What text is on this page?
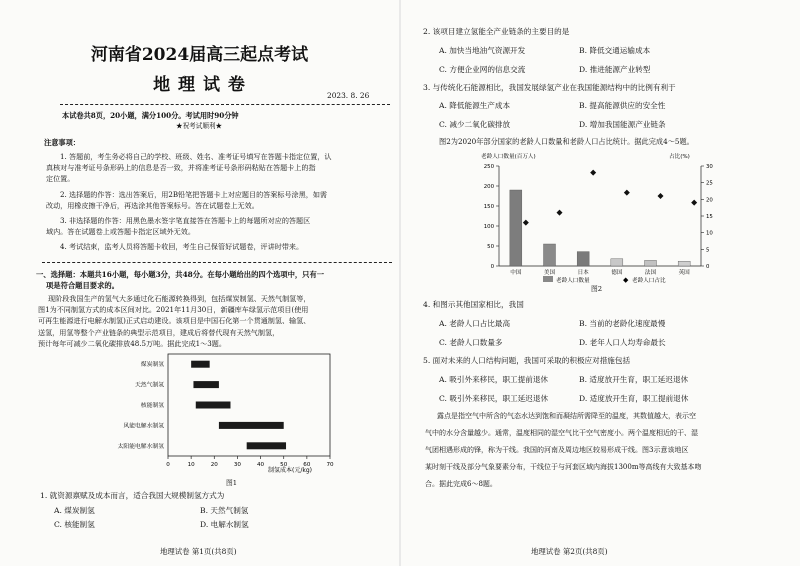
河南省2024届高三起点考试
地 理 试 卷
2023. 8. 26
本试卷共8页，20小题，满分100分。考试用时90分钟
★祝考试顺利★
注意事项：
1. 答题前，考生务必将自己的学校、班级、姓名、准考证号填写在答题卡指定位置，认
真核对与准考证号条形码上的信息是否一致，并将准考证号条形码粘贴在答题卡上的指
定位置。
2. 选择题的作答：选出答案后，用2B铅笔把答题卡上对应题目的答案标号涂黑，如需
改动，用橡皮擦干净后，再选涂其他答案标号。答在试题卷上无效。
3. 非选择题的作答：用黑色墨水签字笔直接答在答题卡上的每题所对应的答题区
域内。答在试题卷上或答题卡指定区域外无效。
4. 考试结束，监考人员将答题卡收回，考生自己保管好试题卷，评讲时带来。
一、选择题：本题共16小题，每小题3分，共48分。在每小题给出的四个选项中，只有一
项是符合题目要求的。
现阶段我国生产的氢气大多通过化石能源转换得到，包括煤炭制氢、天然气制氢等，
图1为不同制氢方式的成本区间对比。2021年11月30日，新疆库车绿氢示范项目(使用
可再生能源进行电解水制氢)正式启动建设。该项目是中国石化第一个贯通制氢、输氢、
送氢，用氢等整个产业链条的典型示范项目，建成后将替代现有天然气制氢，
预计每年可减少二氧化碳排放48.5万吨。据此完成1～3题。
煤炭制氢
天然气制氢
核能制氢
风能电解水制氢
太阳能电解水制氢
0	10	20	30	40	50	60	70
制氢成本(元/kg)
图1
1. 就资源禀赋及成本而言，适合我国大规模制氢方式为
A. 煤炭制氢	B. 天然气制氢
C. 核能制氢	D. 电解水制氢
地理试卷 第1页(共8页)
2. 该项目建立氢能全产业链条的主要目的是
A. 加快当地油气资源开发	B. 降低交通运输成本
C. 方便企业网的信息交流	D. 推进能源产业转型
3. 与传统化石能源相比，我国发展绿氢产业在我国能源结构中的比例有利于
A. 降低能源生产成本	B. 提高能源供应的安全性
C. 减少二氧化碳排放	D. 增加我国能源产业链条
图2为2020年部分国家的老龄人口数量和老龄人口占比统计。据此完成4～5题。
老龄人口数量(百万人)	占比(%)
0
50
100
150
200
250
0
5
10
15
20
25
30
中国	美国	日本	德国	法国	英国
老龄人口数量	◆ 老龄人口占比
图2
4. 和图示其他国家相比，我国
A. 老龄人口占比最高	B. 当前的老龄化速度最慢
C. 老龄人口数量多	D. 老年人口人均寿命最长
5. 面对未来的人口结构问题，我国可采取的积极应对措施包括
A. 吸引外来移民，职工提前退休	B. 适度放开生育，职工延迟退休
C. 吸引外来移民，职工延迟退休	D. 适度放开生育，职工提前退休
露点是指空气中所含的气态水达到饱和而凝结所需降至的温度，其数值越大，表示空
气中的水分含量越少。通常，温度相同的湿空气比干空气密度小。两个温度相近的干、湿
气团相遇形成的锋，称为干线。我国的河南及周边地区较易形成干线。图3示意该地区
某时刻干线及部分气象要素分布，干线位于与河套区域内海拔1300m等高线有大致基本吻
合。据此完成6～8题。
地理试卷 第2页(共8页)
